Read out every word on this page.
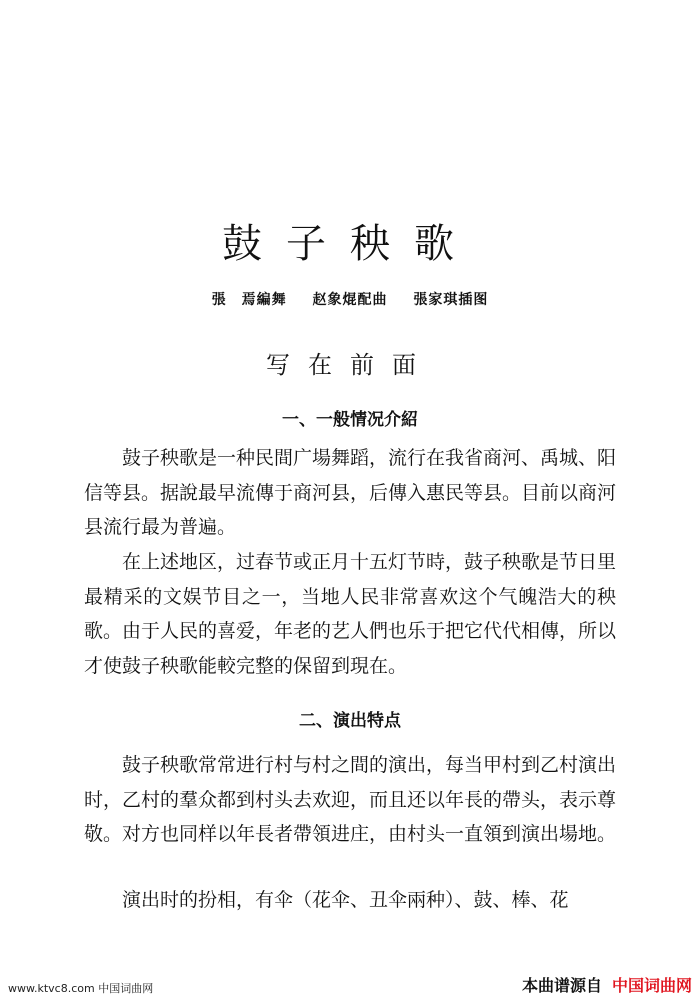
鼓子秧歌
張　焉編舞 赵象焜配曲 張家琪插图
写在前面
一、一般情况介紹

鼓子秧歌是一种民間广場舞蹈，流行在我省商河、禹城、阳信等县。据說最早流傳于商河县，后傳入惠民等县。目前以商河县流行最为普遍。

在上述地区，过春节或正月十五灯节時，鼓子秧歌是节日里最精采的文娱节目之一，当地人民非常喜欢这个气魄浩大的秧歌。由于人民的喜爱，年老的艺人們也乐于把它代代相傳，所以才使鼓子秧歌能較完整的保留到現在。

二、演出特点

鼓子秧歌常常进行村与村之間的演出，每当甲村到乙村演出时，乙村的羣众都到村头去欢迎，而且还以年長的帶头，表示尊敬。对方也同样以年長者帶領进庄，由村头一直領到演出場地。

演出时的扮相，有伞（花伞、丑伞兩种）、鼓、棒、花

www.ktvc8.com 中国词曲网	本曲谱源自 中国词曲网
